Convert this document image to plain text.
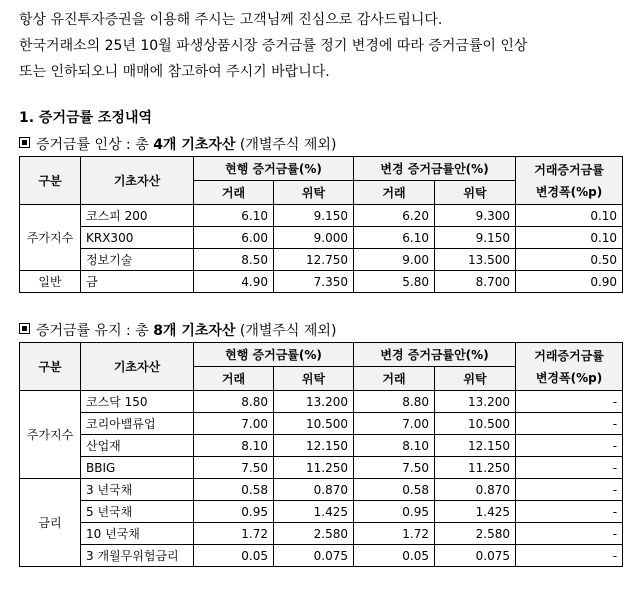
항상 유진투자증권을 이용해 주시는 고객님께 진심으로 감사드립니다.
한국거래소의 25년 10월 파생상품시장 증거금률 정기 변경에 따라 증거금률이 인상
또는 인하되오니 매매에 참고하여 주시기 바랍니다.
1. 증거금률 조정내역
증거금률 인상 : 총 4개 기초자산 (개별주식 제외)
구분	기초자산	현행 증거금률(%)		변경 증거금률안(%)		거래증거금률
변경폭(%p)

		거래	위탁	거래	위탁	
주가지수	코스피 200	6.10	9.150	6.20	9.300	0.10
	KRX300	6.00	9.000	6.10	9.150	0.10
	정보기술	8.50	12.750	9.00	13.500	0.50
일반	금	4.90	7.350	5.80	8.700	0.90
증거금률 유지 : 총 8개 기초자산 (개별주식 제외)
구분	기초자산	현행 증거금률(%)		변경 증거금률안(%)		거래증거금률
변경폭(%p)

		거래	위탁	거래	위탁	
주가지수	코스닥 150	8.80	13.200	8.80	13.200	-
	코리아밸류업	7.00	10.500	7.00	10.500	-
	산업재	8.10	12.150	8.10	12.150	-
	BBIG	7.50	11.250	7.50	11.250	-
금리	3 년국채	0.58	0.870	0.58	0.870	-
	5 년국채	0.95	1.425	0.95	1.425	-
	10 년국채	1.72	2.580	1.72	2.580	-
	3 개월무위험금리	0.05	0.075	0.05	0.075	-
